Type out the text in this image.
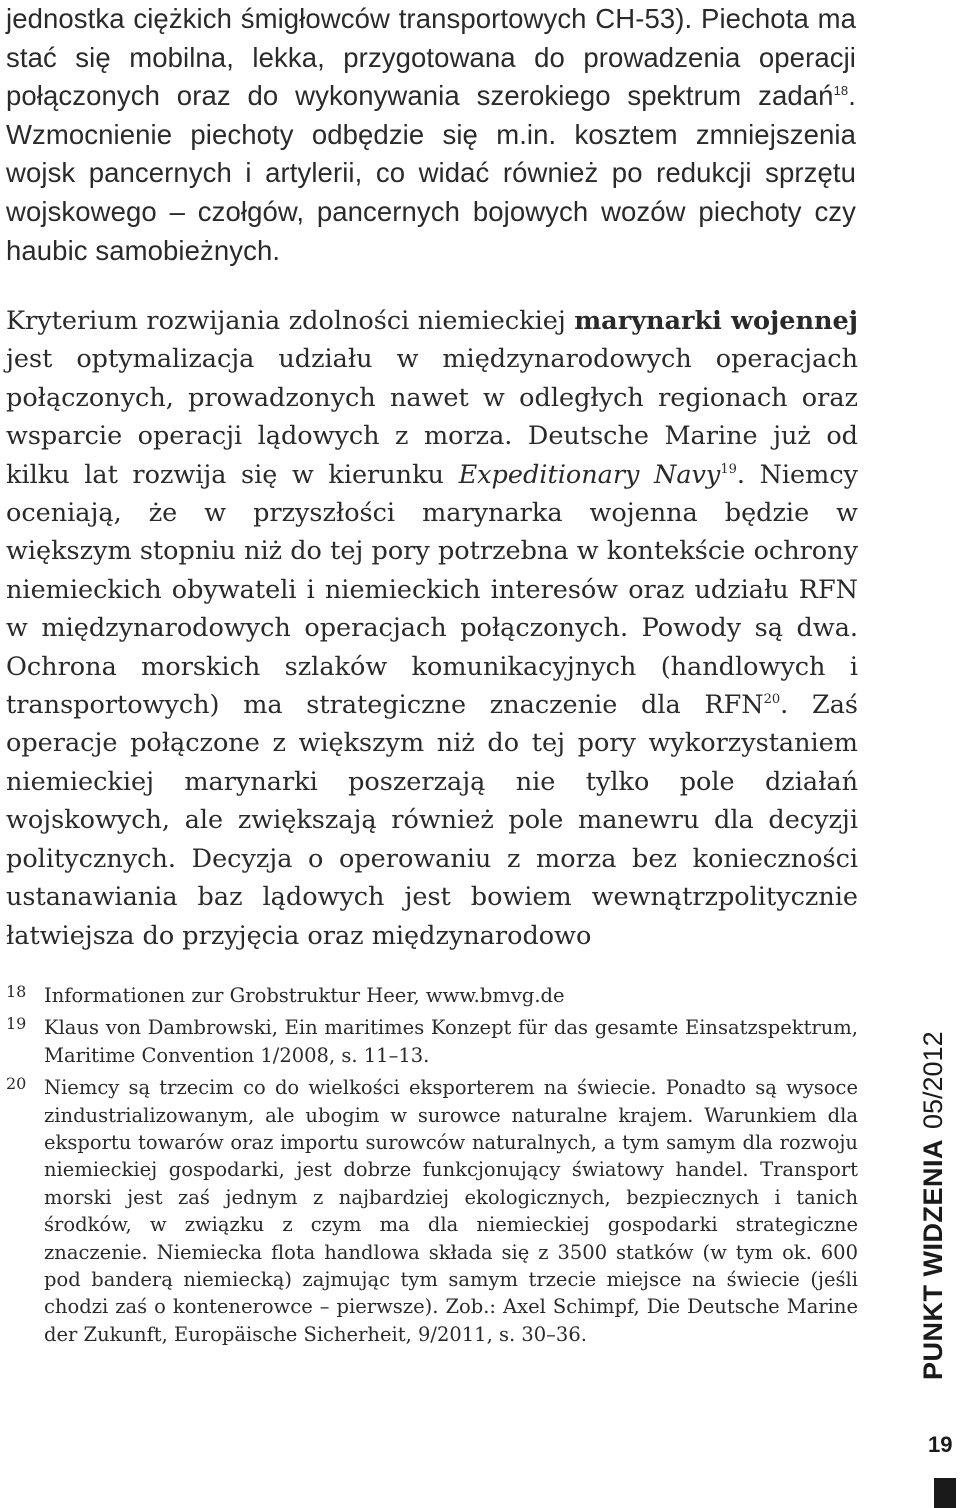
jednostka ciężkich śmigłowców transportowych CH-53). Piechota ma stać się mobilna, lekka, przygotowana do prowadzenia operacji połączonych oraz do wykonywania szerokiego spektrum zadań$^{18}$. Wzmocnienie piechoty odbędzie się m.in. kosztem zmniejszenia wojsk pancernych i artylerii, co widać również po redukcji sprzętu wojskowego – czołgów, pancernych bojowych wozów piechoty czy haubic samobieżnych.
Kryterium rozwijania zdolności niemieckiej marynarki wojennej jest optymalizacja udziału w międzynarodowych operacjach połączonych, prowadzonych nawet w odległych regionach oraz wsparcie operacji lądowych z morza. Deutsche Marine już od kilku lat rozwija się w kierunku Expeditionary Navy$^{19}$. Niemcy oceniają, że w przyszłości marynarka wojenna będzie w większym stopniu niż do tej pory potrzebna w kontekście ochrony niemieckich obywateli i niemieckich interesów oraz udziału RFN w międzynarodowych operacjach połączonych. Powody są dwa. Ochrona morskich szlaków komunikacyjnych (handlowych i transportowych) ma strategiczne znaczenie dla RFN$^{20}$. Zaś operacje połączone z większym niż do tej pory wykorzystaniem niemieckiej marynarki poszerzają nie tylko pole działań wojskowych, ale zwiększają również pole manewru dla decyzji politycznych. Decyzja o operowaniu z morza bez konieczności ustanawiania baz lądowych jest bowiem wewnątrzpolitycznie łatwiejsza do przyjęcia oraz międzynarodowo
18 Informationen zur Grobstruktur Heer, www.bmvg.de
19 Klaus von Dambrowski, Ein maritimes Konzept für das gesamte Einsatzspektrum, Maritime Convention 1/2008, s. 11–13.
20 Niemcy są trzecim co do wielkości eksporterem na świecie. Ponadto są wysoce zindustrializowanym, ale ubogim w surowce naturalne krajem. Warunkiem dla eksportu towarów oraz importu surowców naturalnych, a tym samym dla rozwoju niemieckiej gospodarki, jest dobrze funkcjonujący światowy handel. Transport morski jest zaś jednym z najbardziej ekologicznych, bezpiecznych i tanich środków, w związku z czym ma dla niemieckiej gospodarki strategiczne znaczenie. Niemiecka flota handlowa składa się z 3500 statków (w tym ok. 600 pod banderą niemiecką) zajmując tym samym trzecie miejsce na świecie (jeśli chodzi zaś o kontenerowce – pierwsze). Zob.: Axel Schimpf, Die Deutsche Marine der Zukunft, Europäische Sicherheit, 9/2011, s. 30–36.	PUNKT WIDZENIA05/2012
19
